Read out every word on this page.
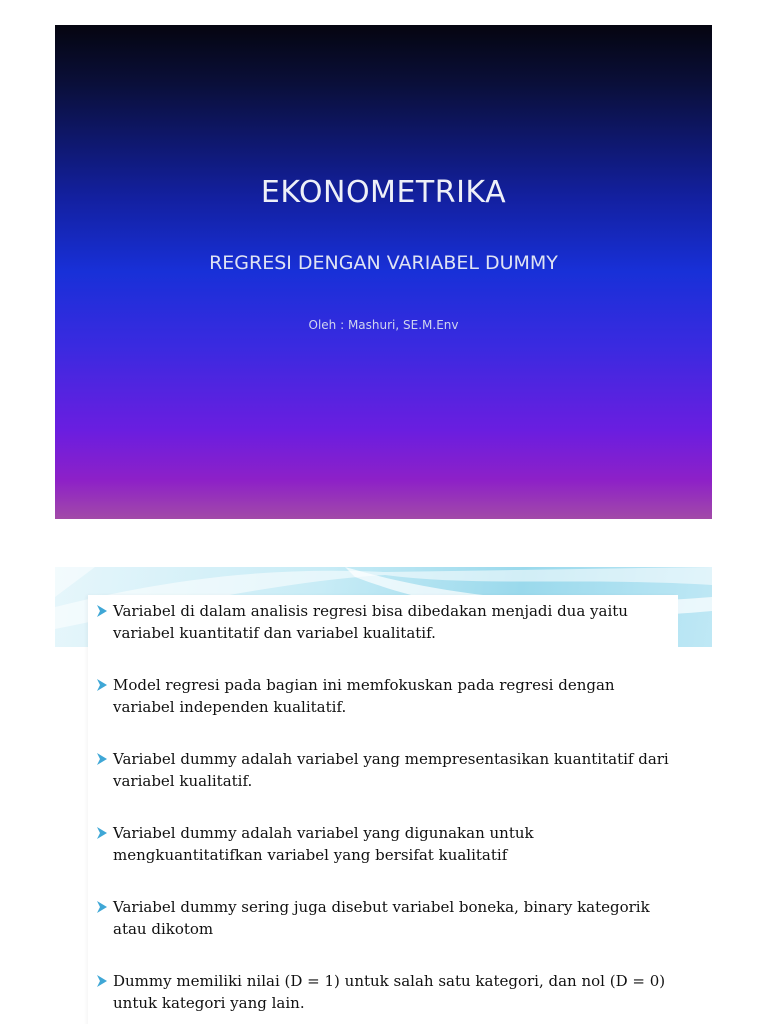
EKONOMETRIKA
REGRESI DENGAN VARIABEL DUMMY
Oleh : Mashuri, SE.M.Env
Variabel di dalam analisis regresi bisa dibedakan menjadi dua yaitu variabel kuantitatif dan variabel kualitatif.
Model regresi pada bagian ini memfokuskan pada regresi dengan variabel independen kualitatif.
Variabel dummy adalah variabel yang mempresentasikan kuantitatif dari variabel kualitatif.
Variabel dummy adalah variabel yang digunakan untuk mengkuantitatifkan variabel yang bersifat kualitatif
Variabel dummy sering juga disebut variabel boneka, binary kategorik atau dikotom
Dummy memiliki nilai (D = 1) untuk salah satu kategori, dan nol (D = 0) untuk kategori yang lain.
